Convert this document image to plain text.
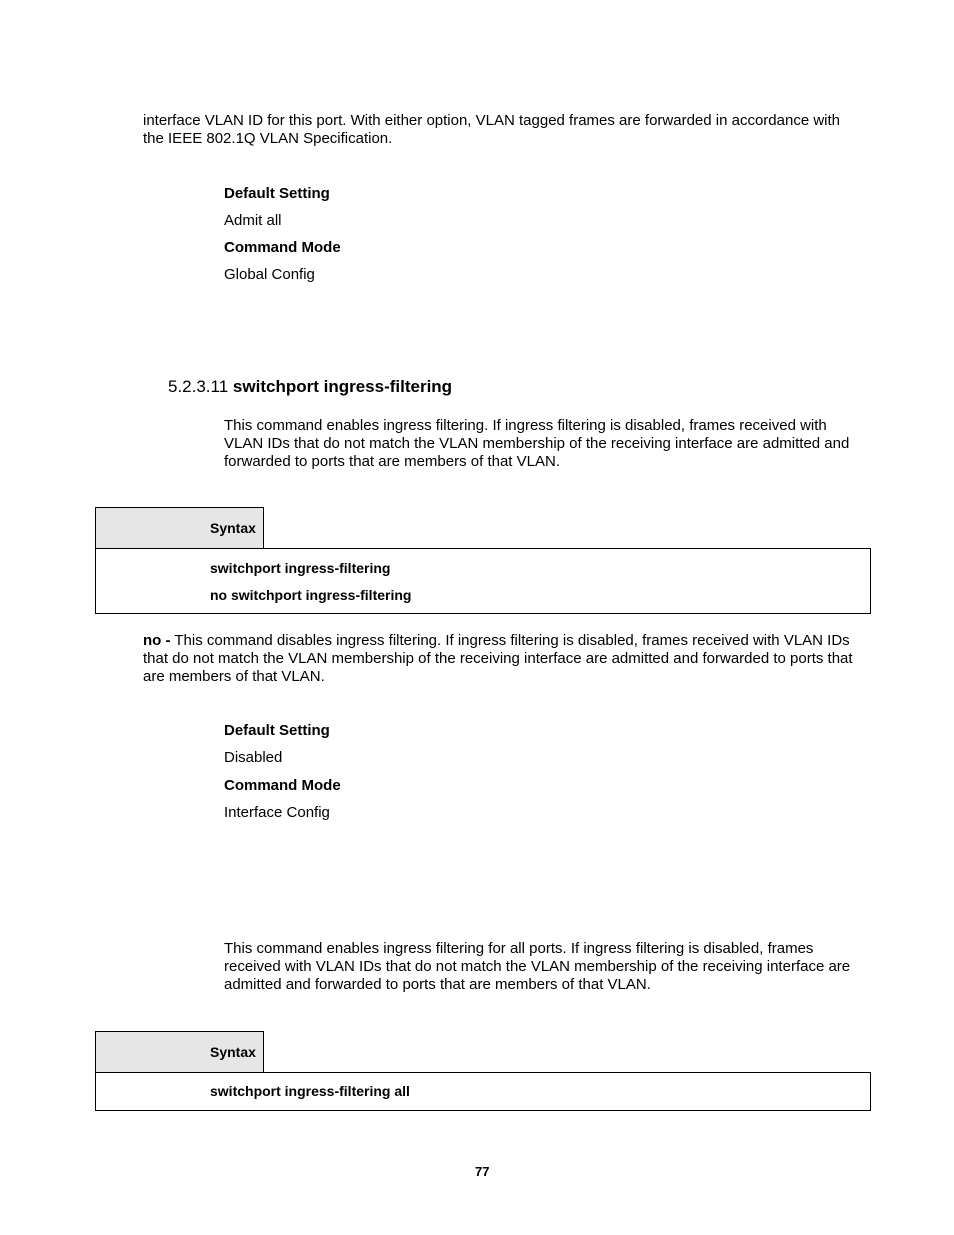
interface VLAN ID for this port. With either option, VLAN tagged frames are forwarded in accordance with the IEEE 802.1Q VLAN Specification.

Default Setting
Admit all
Command Mode
Global Config
5.2.3.11 switchport ingress-filtering

This command enables ingress filtering. If ingress filtering is disabled, frames received with VLAN IDs that do not match the VLAN membership of the receiving interface are admitted and forwarded to ports that are members of that VLAN.

Syntax
switchport ingress-filtering
no switchport ingress-filtering

no - This command disables ingress filtering. If ingress filtering is disabled, frames received with VLAN IDs that do not match the VLAN membership of the receiving interface are admitted and forwarded to ports that are members of that VLAN.

Default Setting
Disabled
Command Mode
Interface Config

This command enables ingress filtering for all ports. If ingress filtering is disabled, frames received with VLAN IDs that do not match the VLAN membership of the receiving interface are admitted and forwarded to ports that are members of that VLAN.

Syntax
switchport ingress-filtering all
77
